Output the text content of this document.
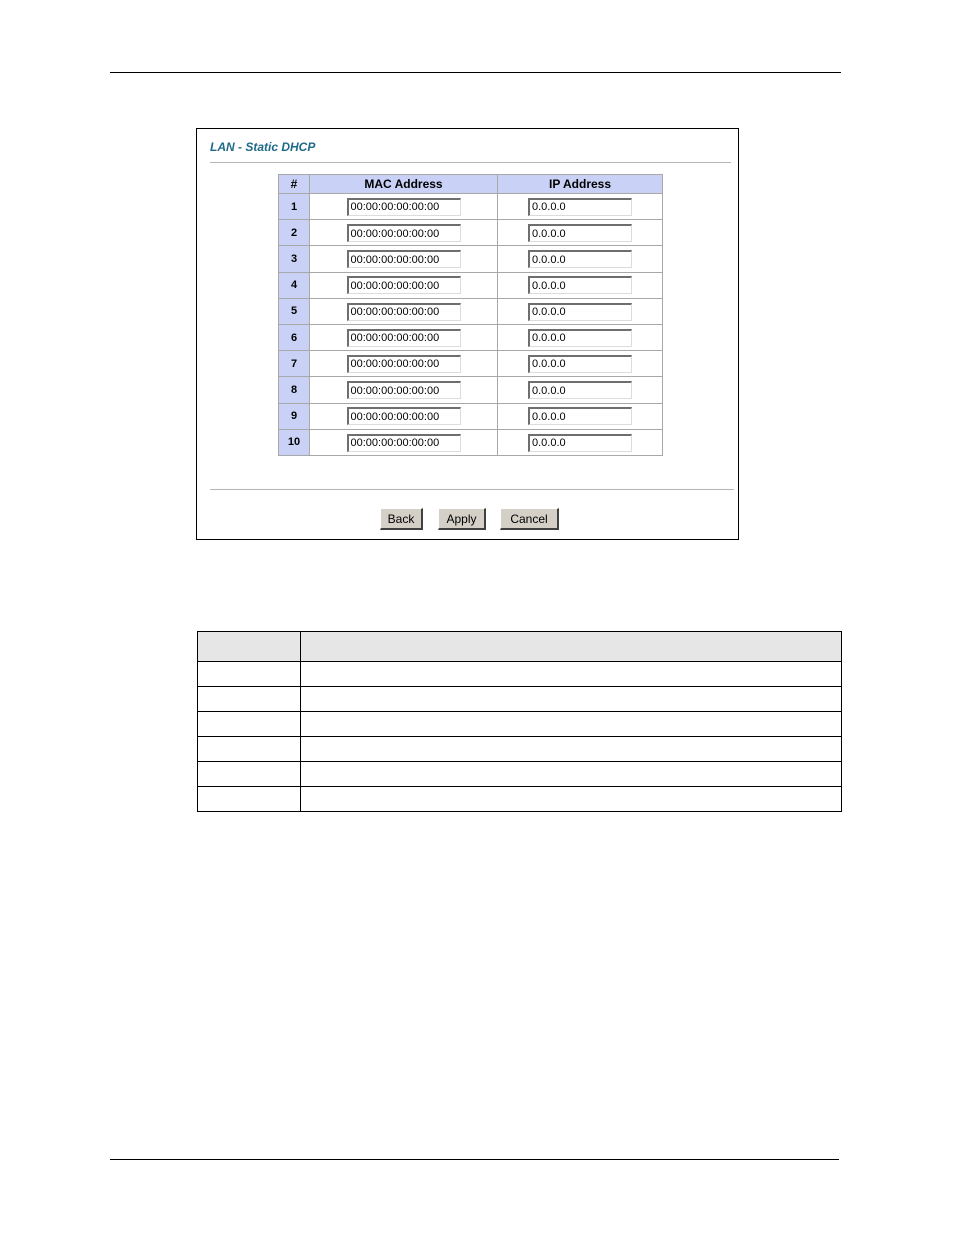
LAN - Static DHCP
#	MAC Address	IP Address
1	00:00:00:00:00:00	0.0.0.0
2	00:00:00:00:00:00	0.0.0.0
3	00:00:00:00:00:00	0.0.0.0
4	00:00:00:00:00:00	0.0.0.0
5	00:00:00:00:00:00	0.0.0.0
6	00:00:00:00:00:00	0.0.0.0
7	00:00:00:00:00:00	0.0.0.0
8	00:00:00:00:00:00	0.0.0.0
9	00:00:00:00:00:00	0.0.0.0
10	00:00:00:00:00:00	0.0.0.0
Back	Apply	Cancel
